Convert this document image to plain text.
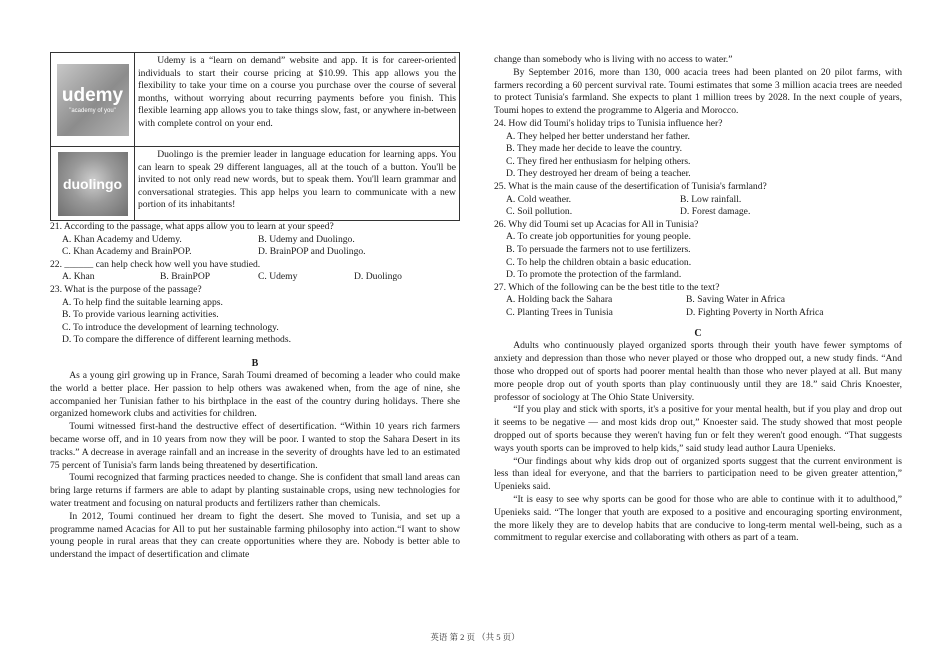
udemy
"academy of you"
Udemy is a “learn on demand” website and app. It is for career-oriented individuals to start their course pricing at $10.99. This app allows you the flexibility to take your time on a course you purchase over the course of several months, without worrying about recurring payments before you finish. This flexible learning app allows you to take things slow, fast, or anywhere in-between with complete control on your end.
duolingo
Duolingo is the premier leader in language education for learning apps. You can learn to speak 29 different languages, all at the touch of a button. You'll be invited to not only read new words, but to speak them. You'll learn grammar and conversational strategies. This app helps you learn to communicate with a new portion of its inhabitants!
21. According to the passage, what apps allow you to learn at your speed?
A. Khan Academy and Udemy.	B. Udemy and Duolingo.
C. Khan Academy and BrainPOP.	D. BrainPOP and Duolingo.
22. ______ can help check how well you have studied.
A. Khan	B. BrainPOP	C. Udemy	D. Duolingo
23. What is the purpose of the passage?
A. To help find the suitable learning apps.
B. To provide various learning activities.
C. To introduce the development of learning technology.
D. To compare the difference of different learning methods.
B

As a young girl growing up in France, Sarah Toumi dreamed of becoming a leader who could make the world a better place. Her passion to help others was awakened when, from the age of nine, she accompanied her Tunisian father to his birthplace in the east of the country during holidays. There she organized homework clubs and activities for children.

Toumi witnessed first-hand the destructive effect of desertification. “Within 10 years rich farmers became worse off, and in 10 years from now they will be poor. I wanted to stop the Sahara Desert in its tracks.” A decrease in average rainfall and an increase in the severity of droughts have led to an estimated 75 percent of Tunisia's farm lands being threatened by desertification.

Toumi recognized that farming practices needed to change. She is confident that small land areas can bring large returns if farmers are able to adapt by planting sustainable crops, using new technologies for water treatment and focusing on natural products and fertilizers rather than chemicals.

In 2012, Toumi continued her dream to fight the desert. She moved to Tunisia, and set up a programme named Acacias for All to put her sustainable farming philosophy into action.“I want to show young people in rural areas that they can create opportunities where they are. Nobody is better able to understand the impact of desertification and climate

change than somebody who is living with no access to water.”

By September 2016, more than 130, 000 acacia trees had been planted on 20 pilot farms, with farmers recording a 60 percent survival rate. Toumi estimates that some 3 million acacia trees are needed to protect Tunisia's farmland. She expects to plant 1 million trees by 2028. In the next couple of years, Toumi hopes to extend the programme to Algeria and Morocco.

24. How did Toumi's holiday trips to Tunisia influence her?
A. They helped her better understand her father.
B. They made her decide to leave the country.
C. They fired her enthusiasm for helping others.
D. They destroyed her dream of being a teacher.
25. What is the main cause of the desertification of Tunisia's farmland?
A. Cold weather.	B. Low rainfall.
C. Soil pollution.	D. Forest damage.
26. Why did Toumi set up Acacias for All in Tunisia?
A. To create job opportunities for young people.
B. To persuade the farmers not to use fertilizers.
C. To help the children obtain a basic education.
D. To promote the protection of the farmland.
27. Which of the following can be the best title to the text?
A. Holding back the Sahara	B. Saving Water in Africa
C. Planting Trees in Tunisia	D. Fighting Poverty in North Africa
C

Adults who continuously played organized sports through their youth have fewer symptoms of anxiety and depression than those who never played or those who dropped out, a new study finds. “And those who dropped out of sports had poorer mental health than those who never played at all. But many more people drop out of youth sports than play continuously until they are 18.” said Chris Knoester, professor of sociology at The Ohio State University.

“If you play and stick with sports, it's a positive for your mental health, but if you play and drop out it seems to be negative — and most kids drop out,” Knoester said. The study showed that most people dropped out of sports because they weren't having fun or felt they weren't good enough. “That suggests ways youth sports can be improved to help kids,” said study lead author Laura Upenieks.

“Our findings about why kids drop out of organized sports suggest that the current environment is less than ideal for everyone, and that the barriers to participation need to be given greater attention,” Upenieks said.

“It is easy to see why sports can be good for those who are able to continue with it to adulthood,” Upenieks said. “The longer that youth are exposed to a positive and encouraging sporting environment, the more likely they are to develop habits that are conducive to long-term mental well-being, such as a commitment to regular exercise and collaborating with others as part of a team.

英语 第 2 页 （共 5 页）
